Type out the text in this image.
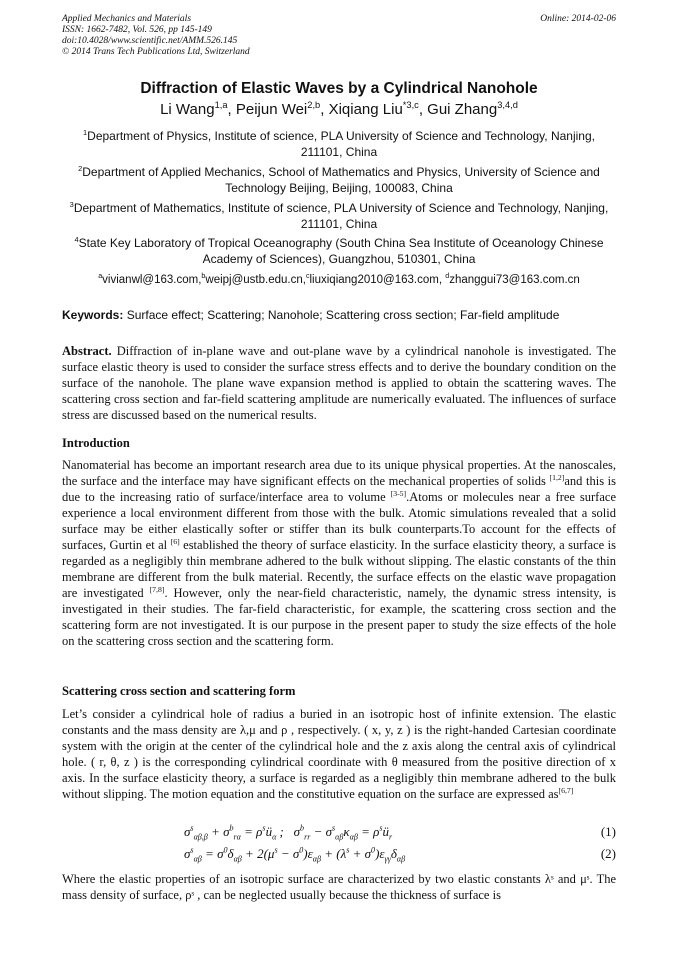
Applied Mechanics and Materials
ISSN: 1662-7482, Vol. 526, pp 145-149
doi:10.4028/www.scientific.net/AMM.526.145
© 2014 Trans Tech Publications Ltd, Switzerland
Online: 2014-02-06
Diffraction of Elastic Waves by a Cylindrical Nanohole
Li Wang$^{1,a}$, Peijun Wei$^{2,b}$, Xiqiang Liu$^{*3,c}$, Gui Zhang$^{3,4,d}$
$^1$Department of Physics, Institute of science, PLA University of Science and Technology, Nanjing, 211101, China
$^2$Department of Applied Mechanics, School of Mathematics and Physics, University of Science and Technology Beijing, Beijing, 100083, China
$^3$Department of Mathematics, Institute of science, PLA University of Science and Technology, Nanjing, 211101, China
$^4$State Key Laboratory of Tropical Oceanography (South China Sea Institute of Oceanology Chinese Academy of Sciences), Guangzhou, 510301, China
$^a$vivianwl@163.com,$^b$weipj@ustb.edu.cn,$^c$liuxiqiang2010@163.com, $^d$zhanggui73@163.com.cn
Keywords: Surface effect; Scattering; Nanohole; Scattering cross section; Far-field amplitude
Abstract. Diffraction of in-plane wave and out-plane wave by a cylindrical nanohole is investigated. The surface elastic theory is used to consider the surface stress effects and to derive the boundary condition on the surface of the nanohole. The plane wave expansion method is applied to obtain the scattering waves. The scattering cross section and far-field scattering amplitude are numerically evaluated. The influences of surface stress are discussed based on the numerical results.
Introduction
Nanomaterial has become an important research area due to its unique physical properties. At the nanoscales, the surface and the interface may have significant effects on the mechanical properties of solids [1,2]and this is due to the increasing ratio of surface/interface area to volume [3-5].Atoms or molecules near a free surface experience a local environment different from those with the bulk. Atomic simulations revealed that a solid surface may be either elastically softer or stiffer than its bulk counterparts.To account for the effects of surfaces, Gurtin et al [6] established the theory of surface elasticity. In the surface elasticity theory, a surface is regarded as a negligibly thin membrane adhered to the bulk without slipping. The elastic constants of the thin membrane are different from the bulk material. Recently, the surface effects on the elastic wave propagation are investigated [7,8]. However, only the near-field characteristic, namely, the dynamic stress intensity, is investigated in their studies. The far-field characteristic, for example, the scattering cross section and the scattering form are not investigated. It is our purpose in the present paper to study the size effects of the hole on the scattering cross section and the scattering form.
Scattering cross section and scattering form
Let’s consider a cylindrical hole of radius a buried in an isotropic host of infinite extension. The elastic constants and the mass density are λ,μ and ρ , respectively. ( x, y, z ) is the right-handed Cartesian coordinate system with the origin at the center of the cylindrical hole and the z axis along the central axis of cylindrical hole. ( r, θ, z ) is the corresponding cylindrical coordinate with θ measured from the positive direction of x axis. In the surface elasticity theory, a surface is regarded as a negligibly thin membrane adhered to the bulk without slipping. The motion equation and the constitutive equation on the surface are expressed as[6,7]
$\sigma^s_{\alpha\beta,\beta} + \sigma^b_{r\alpha}$ = $\rho^sü_\alpha$ ;   $\sigma^b_{rr} - \sigma^s_{\alpha\beta}\kappa_{\alpha\beta}$ = $\rho^sü_r$	(1)
$\sigma^s_{\alpha\beta} = \sigma^0\delta_{\alpha\beta} + 2(\mu^s - \sigma^0)\varepsilon_{\alpha\beta} + (\lambda^s + \sigma^0)\varepsilon_{\gamma\gamma}\delta_{\alpha\beta}$	(2)
Where the elastic properties of an isotropic surface are characterized by two elastic constants λˢ and μˢ. The mass density of surface, ρˢ , can be neglected usually because the thickness of surface is
